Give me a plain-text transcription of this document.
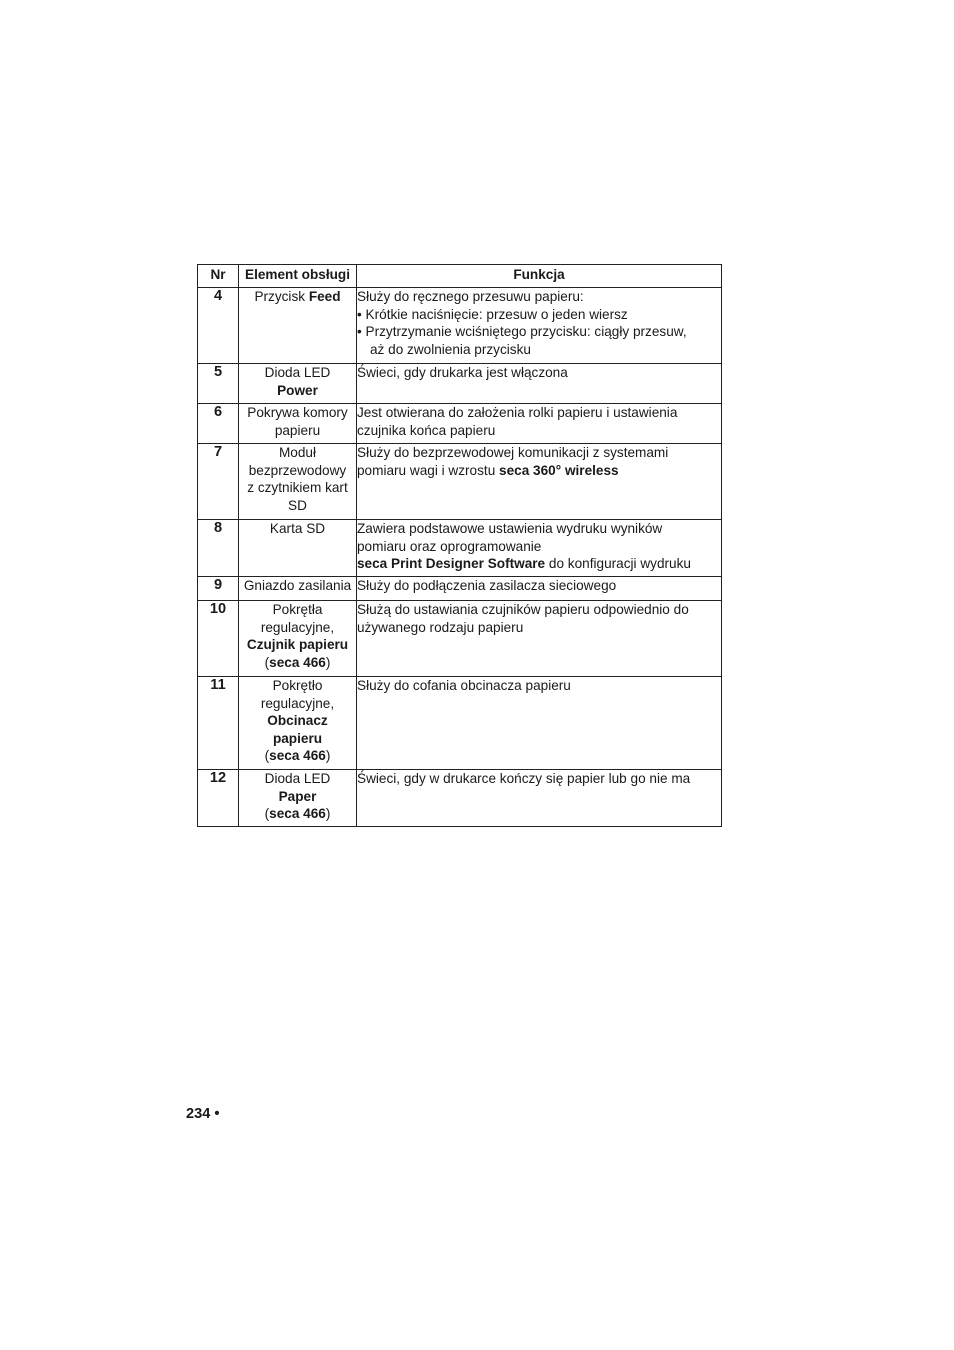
Nr	Element obsługi	Funkcja
4	Przycisk Feed	Służy do ręcznego przesuwu papieru:
• Krótkie naciśnięcie: przesuw o jeden wiersz
• Przytrzymanie wciśniętego przycisku: ciągły przesuw,
aż do zwolnienia przycisku

5	Dioda LED
Power	Świeci, gdy drukarka jest włączona

6	Pokrywa komory
papieru	Jest otwierana do założenia rolki papieru i ustawienia
czujnika końca papieru

7	Moduł
bezprzewodowy
z czytnikiem kart
SD	Służy do bezprzewodowej komunikacji z systemami
pomiaru wagi i wzrostu seca 360° wireless

8	Karta SD	Zawiera podstawowe ustawienia wydruku wyników
pomiaru oraz oprogramowanie
seca Print Designer Software do konfiguracji wydruku

9	Gniazdo zasilania	Służy do podłączenia zasilacza sieciowego

10	Pokrętła
regulacyjne,
Czujnik papieru
(seca 466)	Służą do ustawiania czujników papieru odpowiednio do
używanego rodzaju papieru

11	Pokrętło
regulacyjne,
Obcinacz
papieru
(seca 466)	Służy do cofania obcinacza papieru

12	Dioda LED
Paper
(seca 466)	Świeci, gdy w drukarce kończy się papier lub go nie ma
234 •
